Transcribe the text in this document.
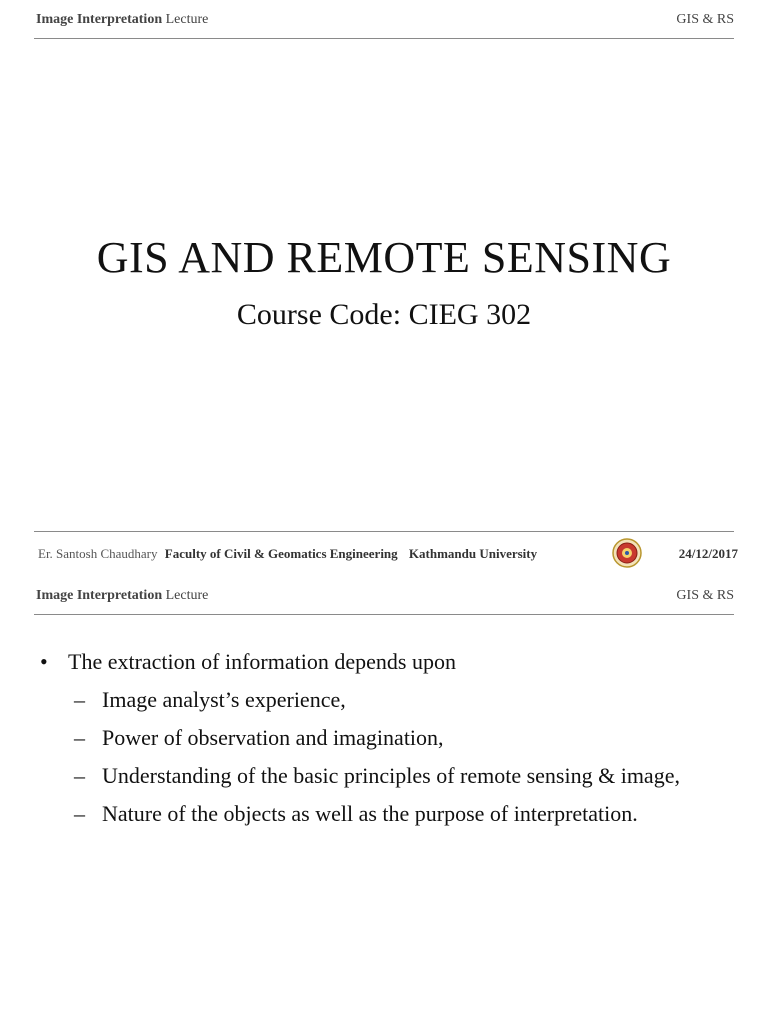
Image Interpretation Lecture	GIS & RS
GIS AND REMOTE SENSING
Course Code: CIEG 302
Er. Santosh Chaudhary Faculty of Civil & Geomatics Engineering Kathmandu University	24/12/2017
Image Interpretation Lecture	GIS & RS
• The extraction of information depends upon
– Image analyst’s experience,
– Power of observation and imagination,
– Understanding of the basic principles of remote sensing & image,
– Nature of the objects as well as the purpose of interpretation.
